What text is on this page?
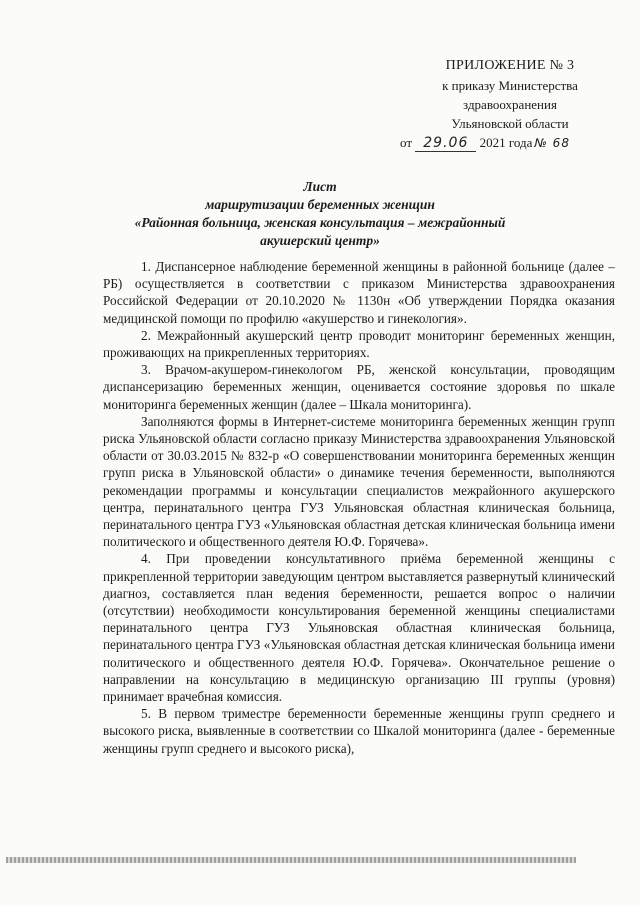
ПРИЛОЖЕНИЕ № 3
к приказу Министерства
здравоохранения
Ульяновской области
от 29.06 2021 года № 68
Лист
маршрутизации беременных женщин
«Районная больница, женская консультация – межрайонный
акушерский центр»

1. Диспансерное наблюдение беременной женщины в районной больнице (далее – РБ) осуществляется в соответствии с приказом Министерства здравоохранения Российской Федерации от 20.10.2020 № 1130н «Об утверждении Порядка оказания медицинской помощи по профилю «акушерство и гинекология».

2. Межрайонный акушерский центр проводит мониторинг беременных женщин, проживающих на прикрепленных территориях.

3. Врачом-акушером-гинекологом РБ, женской консультации, проводящим диспансеризацию беременных женщин, оценивается состояние здоровья по шкале мониторинга беременных женщин (далее – Шкала мониторинга).

Заполняются формы в Интернет-системе мониторинга беременных женщин групп риска Ульяновской области согласно приказу Министерства здравоохранения Ульяновской области от 30.03.2015 № 832-р «О совершенствовании мониторинга беременных женщин групп риска в Ульяновской области» о динамике течения беременности, выполняются рекомендации программы и консультации специалистов межрайонного акушерского центра, перинатального центра ГУЗ Ульяновская областная клиническая больница, перинатального центра ГУЗ «Ульяновская областная детская клиническая больница имени политического и общественного деятеля Ю.Ф. Горячева».

4. При проведении консультативного приёма беременной женщины с прикрепленной территории заведующим центром выставляется развернутый клинический диагноз, составляется план ведения беременности, решается вопрос о наличии (отсутствии) необходимости консультирования беременной женщины специалистами перинатального центра ГУЗ Ульяновская областная клиническая больница, перинатального центра ГУЗ «Ульяновская областная детская клиническая больница имени политического и общественного деятеля Ю.Ф. Горячева». Окончательное решение о направлении на консультацию в медицинскую организацию III группы (уровня) принимает врачебная комиссия.

5. В первом триместре беременности беременные женщины групп среднего и высокого риска, выявленные в соответствии со Шкалой мониторинга (далее - беременные женщины групп среднего и высокого риска),
